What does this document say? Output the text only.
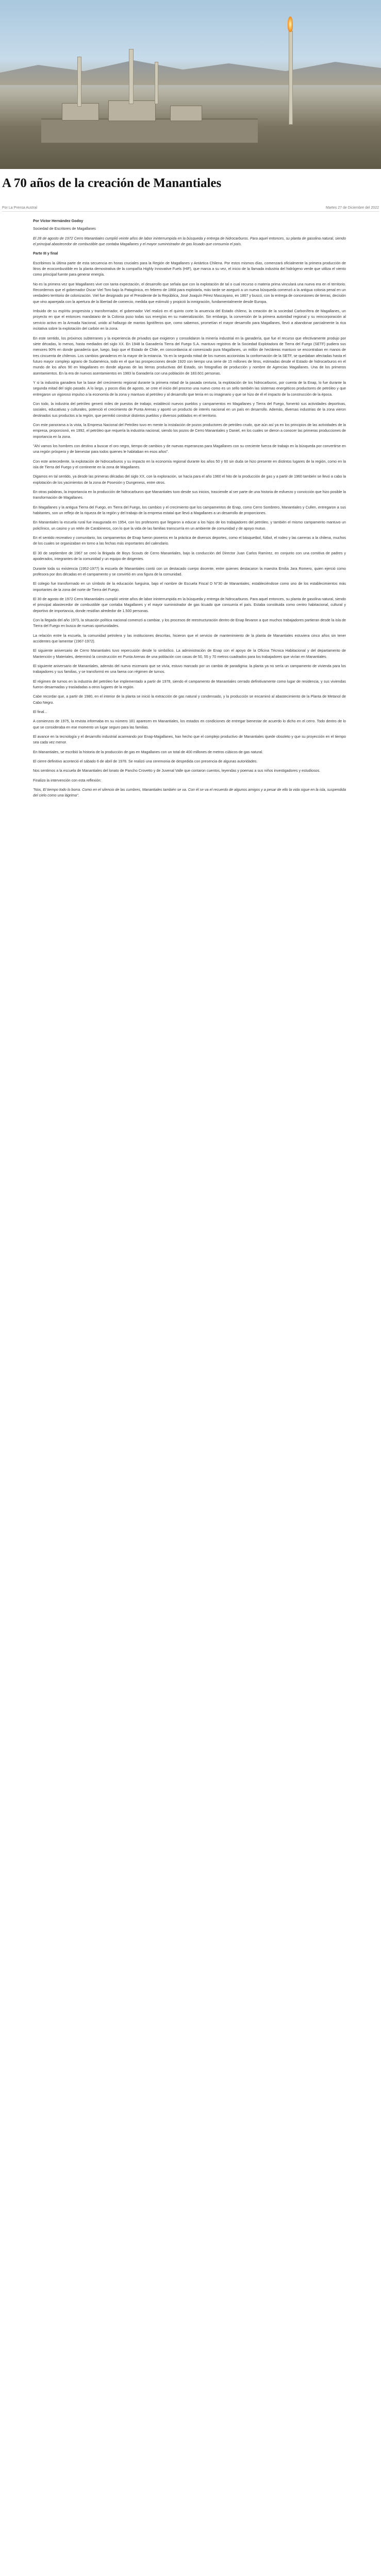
A 70 años de la creación de Manantiales
Por La Prensa Austral	Martes 27 de Diciembre del 2022

Por Víctor Hernández Godoy

Sociedad de Escritores de Magallanes

El 28 de agosto de 1972 Cerro Manantiales cumplió veinte años de labor ininterrumpida en la búsqueda y entrega de hidrocarburos. Para aquel entonces, su planta de gasolina natural, siendo el principal abastecedor de combustible que contaba Magallanes y el mayor suministrador de gas licuado que consumía el país.

Parte III y final

Escribimos la última parte de esta secuencia en horas cruciales para la Región de Magallanes y Antártica Chilena. Por estos mismos días, comenzará oficialmente la primera producción de litros de ecocombustible en la planta demostrativa de la compañía Highly Innovative Fuels (HIF), que marca a su vez, el inicio de la llamada industria del hidrógeno verde que utiliza el viento como principal fuente para generar energía.

No es la primera vez que Magallanes vive con tanta expectación, el desarrollo que señala que con la explotación de tal o cual recurso o materia prima vinculará una nueva era en el territorio. Recordemos que el gobernador Óscar Viel Toro bajo la Patagónica, en febrero de 1868 para explotarla, más tarde se aseguró a un nueva búsqueda comenzó a la antigua colonia penal en un verdadero territorio de colonización. Viel fue designado por el Presidente de la República, José Joaquín Pérez Mascayano, en 1867 y buscó, con la entrega de concesiones de tierras, decisión que vino aparejada con la apertura de la libertad de comercio, medida que estimuló y propició la inmigración, fundamentalmente desde Europa.

Imbuido de su espíritu progresista y transformador, el gobernador Viel realizó en el quinto corte la anuencia del Estado chileno, la creación de la sociedad Carbonífera de Magallanes, un proyecto en que el entonces mandatario de la Colonia puso todas sus energías en su materialización. Sin embargo, la conversión de la primera autoridad regional y su reincorporación al servicio activo en la Armada Nacional, unido al hallazgo de mantos lignitíferos que, como sabemos, prometían el mayor desarrollo para Magallanes, llevó a abandonar parcialmente la rica incitativa sobre la explotación del carbón en la zona.

En este sentido, los próximos subterranes y la experiencia de privados que exigieron y consolidaron la minería industrial en la ganadería, que fue el recurso que efectivamente produjo por siete décadas, lo menos, hasta mediados del siglo XX. En 1948 la Ganadería Tierra del Fuego S.A. mantuvo registros de la Sociedad Explotadora de Tierra del Fuego (SETF) pudiera sus menores 90% en donde ganadería que, luego, bajo que el Estado de Chile, en concordancia al comenzado pura Magallanes, un millón de hectáreas mantuvo se encontraban en manos de tres cincuenta de chilenos. Los cambios ganaderos en la mayor de la estancia. Ya en la segunda mitad de los nuevos accionistas la conformación de la SETF, se quedaban afectadas hasta el futuro mayor complejo agrario de Sudamérica, todo en el que las prospecciones desde 1920 con tiempo una serie de 15 millones de litros, estimadas desde el Estado de hidrocarburos en el mundo de los años 90 en Magallanes en donde algunas de las tierras productivas del Estado, sin fotografías de producción y nombre de Agencias Magallanes. Una de los primeros asentamientos. En la era de nuevos asentamientos en 1983 la Ganadería con una población de 183.601 personas.

Y si la industria ganadera fue la base del crecimiento regional durante la primera mitad de la pasada centuria, la explotación de los hidrocarburos, por cuenta de la Enap, lo fue durante la segunda mitad del siglo pasado. A lo largo, y pocos días de agosto, se cree el inicio del proceso una nuevo como es un sello también las sistemas energéticos productores de petróleo y que entregaron un vigoroso impulso a la economía de la zona y mantuvo al petróleo y al desarrollo que tenía en su imaginario y que se hizo de él el impacto de la construcción de la época.

Con todo, la industria del petróleo generó miles de puestos de trabajo, estableció nuevos pueblos y campamentos en Magallanes y Tierra del Fuego, fomentó sus actividades deportivas, sociales, educativas y culturales, potenció el crecimiento de Punta Arenas y aportó un producto de interés nacional en un país en desarrollo. Además, diversas industrias de la zona vieron destinados sus productos a la región, que permitió construir distintos pueblos y diversos poblados en el territorio.

Con este panorama a la vista, la Empresa Nacional del Petróleo tuvo en mente la instalación de pozos productores de petróleo crudo, que aún así ya en los principios de las actividades de la empresa, proporcionó, en 1992, el petróleo que requería la industria nacional, siendo los pozos de Cerro Manantiales y Daniel, en los cuales se dieron a conocer las primeras producciones de importancia en la zona.

"Ahí vamos los hombres con destino a buscar el oro negro, tiempo de cambios y de nuevas esperanzas para Magallanes con su creciente fuerza de trabajo en la búsqueda por convertirse en una región próspera y de bienestar para todos quienes le habitaban en esos años".

Con este antecedente, la explotación de hidrocarburos y su impacto en la economía regional durante los años 50 y 60 sin duda se hizo presente en distintos lugares de la región, como en la isla de Tierra del Fuego y el continente en la zona de Magallanes.

Digamos en tal sentido, ya desde las primeras décadas del siglo XX, con la exploración, se hacía para el año 1960 el hito de la producción de gas y a partir de 1960 también se llevó a cabo la explotación de los yacimientos de la zona de Posesión y Dungeness, entre otros.

En otras palabras, la importancia en la producción de hidrocarburos que Manantiales tuvo desde sus inicios, trasciende al ser parte de una historia de esfuerzo y convicción que hizo posible la transformación de Magallanes.

En Magallanes y la antigua Tierra del Fuego, en Tierra del Fuego, los cambios y el crecimiento que los campamentos de Enap, como Cerro Sombrero, Manantiales y Cullen, entregaron a sus habitantes, son un reflejo de la riqueza de la región y del trabajo de la empresa estatal que llevó a Magallanes a un desarrollo de proporciones.

En Manantiales la escuela rural fue inaugurada en 1954, con los profesores que llegaron a educar a los hijos de los trabajadores del petróleo, y también el mismo campamento mantuvo un policlínico, un casino y un retén de Carabineros, con lo que la vida de las familias transcurría en un ambiente de comunidad y de apoyo mutuo.

En el sentido recreativo y comunitario, los campamentos de Enap fueron pioneros en la práctica de diversos deportes, como el básquetbol, fútbol, el rodeo y las carreras a la chilena, muchos de los cuales se organizaban en torno a las fechas más importantes del calendario.

El 30 de septiembre de 1967 se creó la Brigada de Boys Scouts de Cerro Manantiales, bajo la conducción del Director Juan Carlos Ramírez, en conjunto con una comitiva de padres y apoderados, integrantes de la comunidad y un equipo de dirigentes.

Durante toda su existencia (1952-1977) la escuela de Manantiales contó con un destacado cuerpo docente, entre quienes destacaron la maestra Emilia Jara Romero, quien ejerció como profesora por dos décadas en el campamento y se convirtió en una figura de la comunidad.

El colegio fue transformado en un símbolo de la educación fueguina, bajo el nombre de Escuela Fiscal D N°30 de Manantiales, estableciéndose como uno de los establecimientos más importantes de la zona del norte de Tierra del Fuego.

El 30 de agosto de 1972 Cerro Manantiales cumplió veinte años de labor ininterrumpida en la búsqueda y entrega de hidrocarburos. Para aquel entonces, su planta de gasolina natural, siendo el principal abastecedor de combustible que contaba Magallanes y el mayor suministrador de gas licuado que consumía el país. Estaba constituida como centro habitacional, cultural y deportivo de importancia, donde residían alrededor de 1.500 personas.

Con la llegada del año 1973, la situación política nacional comenzó a cambiar, y los procesos de reestructuración dentro de Enap llevaron a que muchos trabajadores partieran desde la isla de Tierra del Fuego en busca de nuevas oportunidades.

La relación entre la escuela, la comunidad petrolera y las instituciones descritas, hicieron que el servicio de mantenimiento de la planta de Manantiales estuviera cinco años sin tener accidentes que lamentar (1967-1972).

El siguiente aniversario de Cerro Manantiales tuvo repercusión desde lo simbólico. La administración de Enap con el apoyo de la Oficina Técnica Habitacional y del departamento de Mantención y Materiales, determinó la construcción en Punta Arenas de una población con casas de 50, 55 y 70 metros cuadrados para los trabajadores que vivían en Manantiales.

El siguiente aniversario de Manantiales, además del nuevo escenario que se vivía, estuvo marcado por un cambio de paradigma: la planta ya no sería un campamento de vivienda para los trabajadores y sus familias, y se transformó en una faena con régimen de turnos.

El régimen de turnos en la industria del petróleo fue implementado a partir de 1978, siendo el campamento de Manantiales cerrado definitivamente como lugar de residencia, y sus viviendas fueron desarmadas y trasladadas a otros lugares de la región.

Cabe recordar que, a partir de 1980, en el interior de la planta se inició la extracción de gas natural y condensado, y la producción se encaminó al abastecimiento de la Planta de Metanol de Cabo Negro.

El final...

A comienzos de 1975, la revista informaba en su número 181 aparecen en Manantiales, los estados en condiciones de entregar bienestar de acuerdo lo dicho en el cerro. Todo dentro de lo que se consideraba en ese momento un lugar seguro para las familias.

El avance en la tecnología y el desarrollo industrial acarreando por Enap-Magallanes, han hecho que el complejo productivo de Manantiales quede obsoleto y que su proyección en el tiempo sea cada vez menor.

En Manantiales, se escribió la historia de la producción de gas en Magallanes con un total de 400 millones de metros cúbicos de gas natural.

El cierre definitivo aconteció el sábado 6 de abril de 1978. Se realizó una ceremonia de despedida con presencia de algunas autoridades.

Nos sentimos a la escuela de Manantiales del lonato de Pancho Crovetto y de Juvenal Valle que contaron cuentos, leyendas y poemas a sus niños investigadores y estudiosos.

Finalizo la intervención con esta reflexión:

"Nos, El tiempo todo lo borra. Como en el silencio de las cumbres, Manantiales también se va. Con él se va el recuerdo de algunos amigos y a pesar de ello la vida sigue en la isla, suspendida del cielo como una lágrima".
